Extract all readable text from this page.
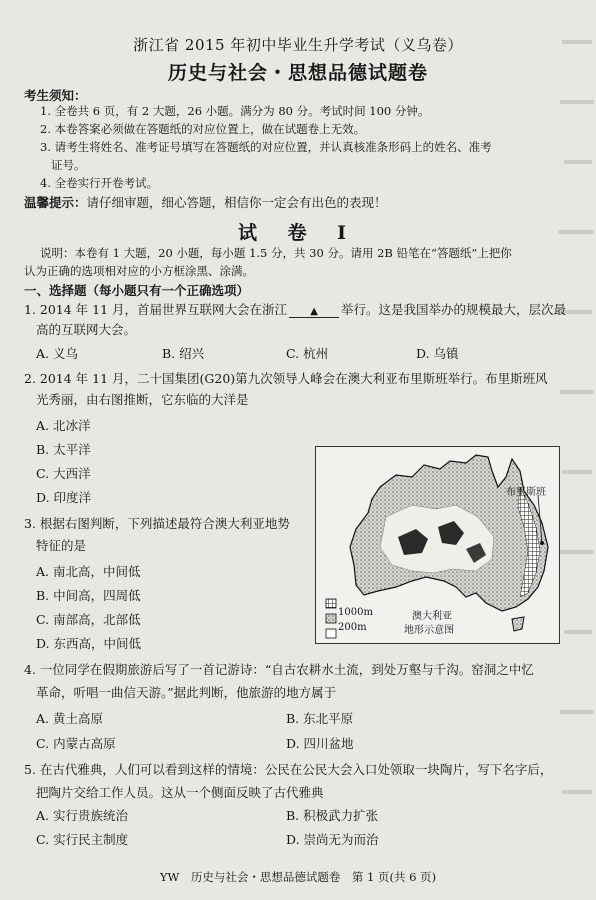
浙江省 2015 年初中毕业生升学考试（义乌卷）
历史与社会・思想品德试题卷
考生须知：
1. 全卷共 6 页，有 2 大题，26 小题。满分为 80 分。考试时间 100 分钟。
2. 本卷答案必须做在答题纸的对应位置上，做在试题卷上无效。
3. 请考生将姓名、准考证号填写在答题纸的对应位置，并认真核准条形码上的姓名、准考
证号。
4. 全卷实行开卷考试。
温馨提示：请仔细审题，细心答题，相信你一定会有出色的表现！
试 卷 Ⅰ
说明：本卷有 1 大题，20 小题，每小题 1.5 分，共 30 分。请用 2B 铅笔在“答题纸”上把你
认为正确的选项相对应的小方框涂黑、涂满。
一、选择题（每小题只有一个正确选项）
1. 2014 年 11 月，首届世界互联网大会在浙江 ▲ 举行。这是我国举办的规模最大，层次最
高的互联网大会。
A. 义乌	B. 绍兴	C. 杭州	D. 乌镇
2. 2014 年 11 月，二十国集团(G20)第九次领导人峰会在澳大利亚布里斯班举行。布里斯班风
光秀丽，由右图推断，它东临的大洋是
A. 北冰洋
B. 太平洋
C. 大西洋
D. 印度洋
3. 根据右图判断，下列描述最符合澳大利亚地势
特征的是
A. 南北高，中间低
B. 中间高，四周低
C. 南部高，北部低
D. 东西高，中间低
布里斯班
1000m
200m
澳大利亚
地形示意图
4. 一位同学在假期旅游后写了一首记游诗：“自古农耕水土流，到处万壑与千沟。窑洞之中忆
革命，听唱一曲信天游。”据此判断，他旅游的地方属于
A. 黄土高原	B. 东北平原
C. 内蒙古高原	D. 四川盆地
5. 在古代雅典，人们可以看到这样的情境：公民在公民大会入口处领取一块陶片，写下名字后，
把陶片交给工作人员。这从一个侧面反映了古代雅典
A. 实行贵族统治	B. 积极武力扩张
C. 实行民主制度	D. 崇尚无为而治
YW　历史与社会・思想品德试题卷　第 1 页(共 6 页)
